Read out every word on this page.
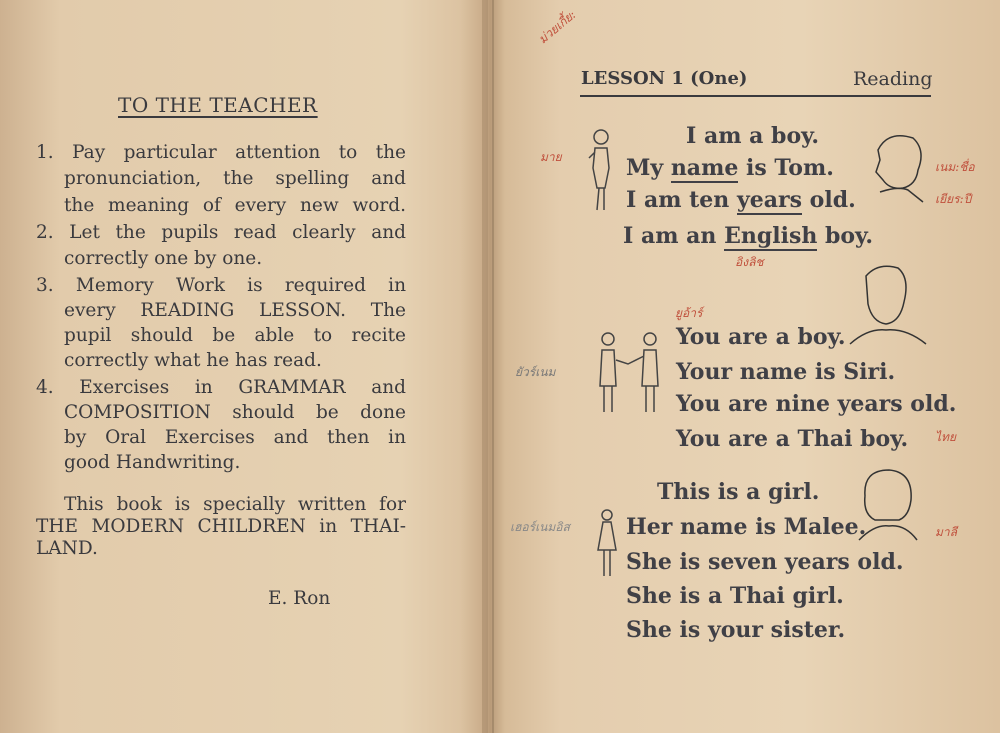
TO THE TEACHER
1. Pay particular attention to the
pronunciation, the spelling and
the meaning of every new word.
2. Let the pupils read clearly and
correctly one by one.
3. Memory Work is required in
every READING LESSON. The
pupil should be able to recite
correctly what he has read.
4. Exercises in GRAMMAR and
COMPOSITION should be done
by Oral Exercises and then in
good Handwriting.
This book is specially written for
THE MODERN CHILDREN in THAI-
LAND.
E. Ron
ม่วยเกี้ย:
LESSON 1 (One)	Reading
มาย
เนม:ชื่อ
เยียร:ปี
อิงลิช
I am a boy.
My name is Tom.
I am ten years old.
I am an English boy.
ยูอ้าร์
ยัวร์เนม
ไทย
You are a boy.
Your name is Siri.
You are nine years old.
You are a Thai boy.
เฮอร์เนมอิส	มาลี
This is a girl.
Her name is Malee.
She is seven years old.
She is a Thai girl.
She is your sister.
